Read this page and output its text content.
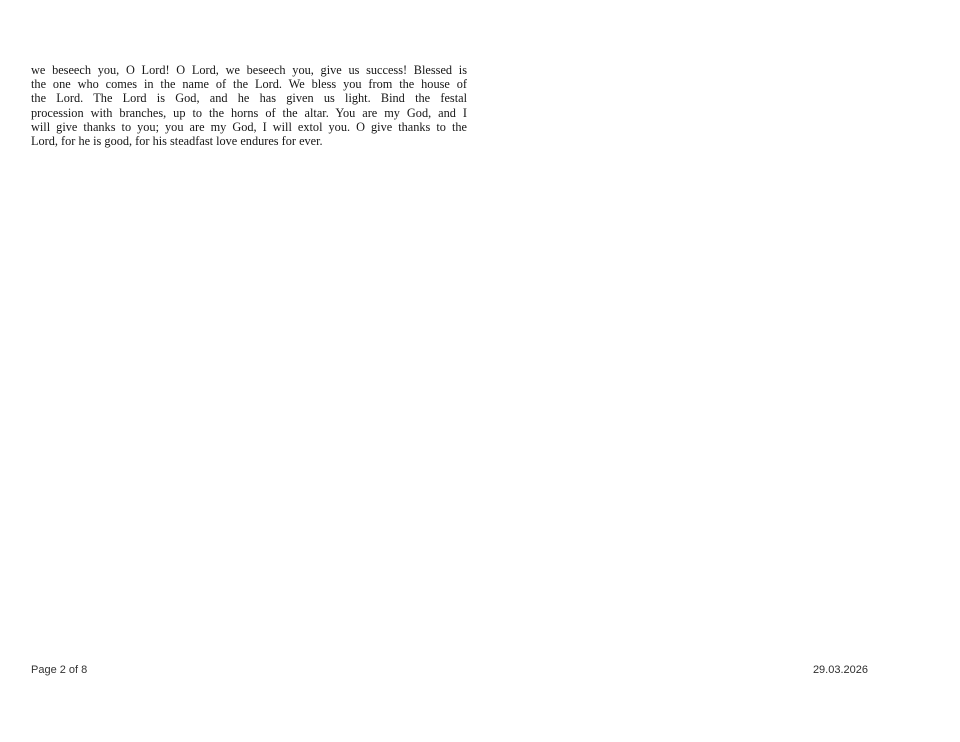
we beseech you, O Lord! O Lord, we beseech you, give us success! Blessed is
the one who comes in the name of the Lord. We bless you from the house of
the Lord. The Lord is God, and he has given us light. Bind the festal
procession with branches, up to the horns of the altar. You are my God, and I
will give thanks to you; you are my God, I will extol you. O give thanks to the
Lord, for he is good, for his steadfast love endures for ever.
Page 2 of 8	29.03.2026
